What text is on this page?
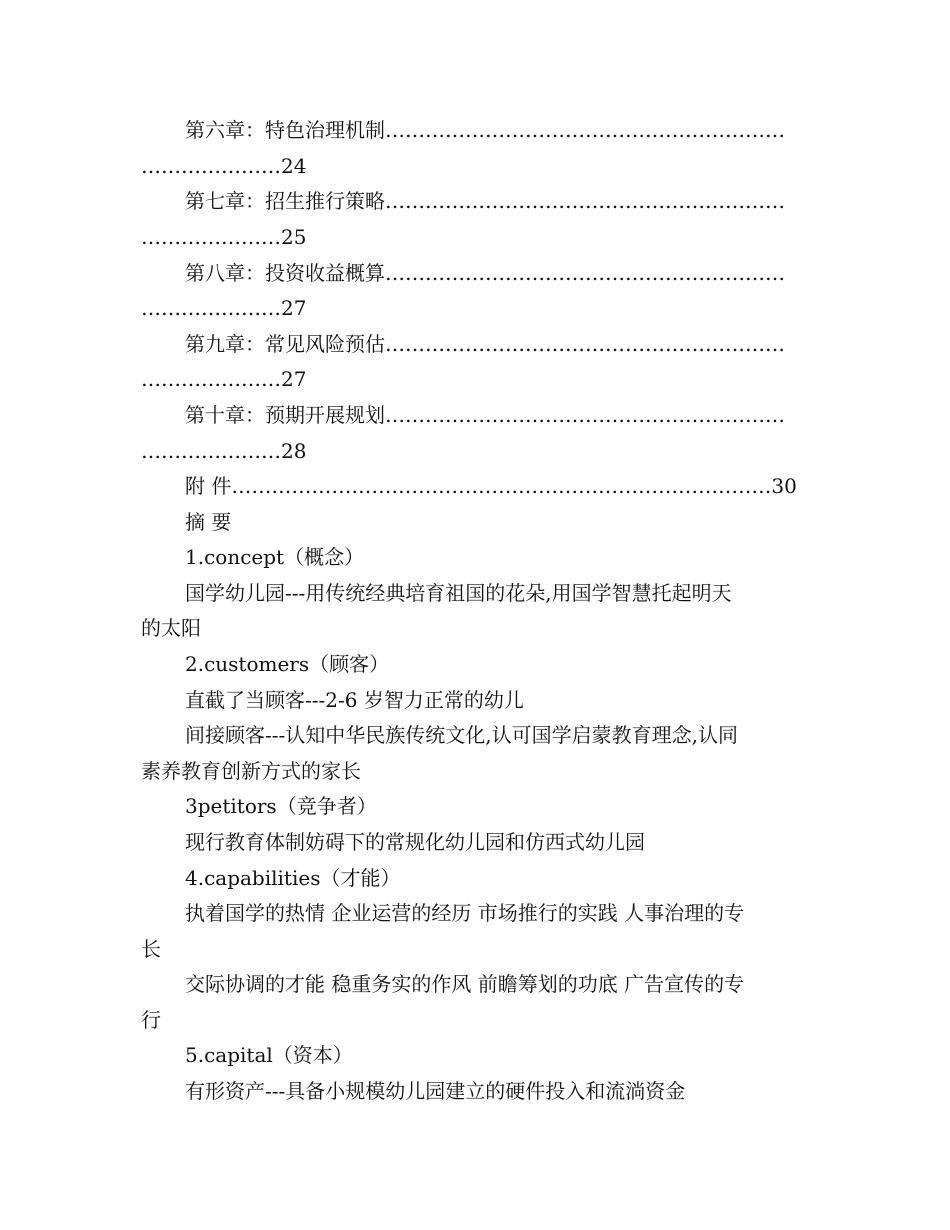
第六章：特色治理机制……………………………………………………
…………………24
第七章：招生推行策略……………………………………………………
…………………25
第八章：投资收益概算……………………………………………………
…………………27
第九章：常见风险预估……………………………………………………
…………………27
第十章：预期开展规划……………………………………………………
…………………28
附 件………………………………………………………………………30
摘 要
1.concept（概念）
国学幼儿园---用传统经典培育祖国的花朵,用国学智慧托起明天
的太阳
2.customers（顾客）
直截了当顾客---2-6 岁智力正常的幼儿
间接顾客---认知中华民族传统文化,认可国学启蒙教育理念,认同
素养教育创新方式的家长
3petitors（竞争者）
现行教育体制妨碍下的常规化幼儿园和仿西式幼儿园
4.capabilities（才能）
执着国学的热情 企业运营的经历 市场推行的实践 人事治理的专
长
交际协调的才能 稳重务实的作风 前瞻筹划的功底 广告宣传的专
行
5.capital（资本）
有形资产---具备小规模幼儿园建立的硬件投入和流淌资金
